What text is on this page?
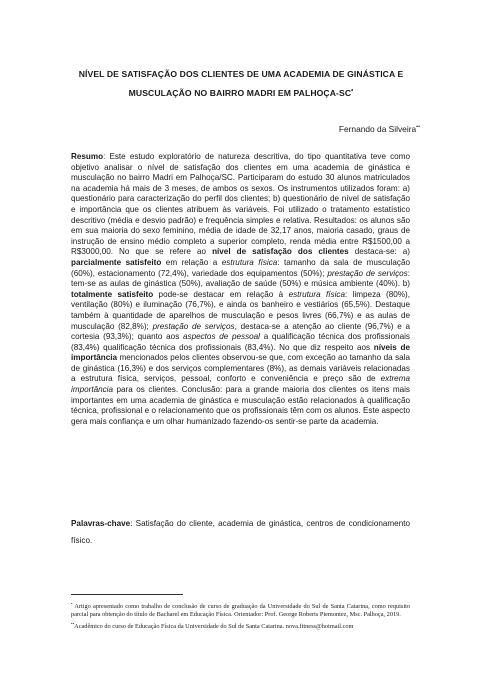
NÍVEL DE SATISFAÇÃO DOS CLIENTES DE UMA ACADEMIA DE GINÁSTICA E
MUSCULAÇÃO NO BAIRRO MADRI EM PALHOÇA-SC•
Fernando da Silveira••

Resumo: Este estudo exploratório de natureza descritiva, do tipo quantitativa teve como objetivo analisar o nível de satisfação dos clientes em uma academia de ginástica e musculação no bairro Madri em Palhoça/SC. Participaram do estudo 30 alunos matriculados na academia há mais de 3 meses, de ambos os sexos. Os instrumentos utilizados foram: a) questionário para caracterização do perfil dos clientes; b) questionário de nível de satisfação e importância que os clientes atribuem às variáveis. Foi utilizado o tratamento estatístico descritivo (média e desvio padrão) e frequência simples e relativa. Resultados: os alunos são em sua maioria do sexo feminino, média de idade de 32,17 anos, maioria casado, graus de instrução de ensino médio completo a superior completo, renda média entre R$1500,00 a R$3000,00. No que se refere ao nível de satisfação dos clientes destaca-se: a) parcialmente satisfeito em relação a estrutura física: tamanho da sala de musculação (60%), estacionamento (72,4%), variedade dos equipamentos (50%); prestação de serviços: tem-se as aulas de ginástica (50%), avaliação de saúde (50%) e música ambiente (40%). b) totalmente satisfeito pode-se destacar em relação à estrutura física: limpeza (80%), ventilação (80%) e iluminação (76,7%), e ainda os banheiro e vestiários (65,5%). Destaque também à quantidade de aparelhos de musculação e pesos livres (66,7%) e as aulas de musculação (82,8%); prestação de serviços, destaca-se a atenção ao cliente (96,7%) e a cortesia (93,3%); quanto aos aspectos de pessoal a qualificação técnica dos profissionais (83,4%) qualificação técnica dos profissionais (83,4%). No que diz respeito aos níveis de importância mencionados pelos clientes observou-se que, com exceção ao tamanho da sala de ginástica (16,3%) e dos serviços complementares (8%), as demais variáveis relacionadas a estrutura física, serviços, pessoal, conforto e conveniência e preço são de extrema importância para os clientes. Conclusão: para a grande maioria dos clientes os itens mais importantes em uma academia de ginástica e musculação estão relacionados à qualificação técnica, profissional e o relacionamento que os profissionais têm com os alunos. Este aspecto gera mais confiança e um olhar humanizado fazendo-os sentir-se parte da academia.

Palavras-chave: Satisfação do cliente, academia de ginástica, centros de condicionamento físico.

• Artigo apresentado como trabalho de conclusão de curso de graduação da Universidade do Sul de Santa Catarina, como requisito parcial para obtenção do título de Bacharel em Educação Física. Orientador: Prof. George Roberts Piemontez, Msc. Palhoça, 2019.

••Acadêmico do curso de Educação Física da Universidade do Sul de Santa Catarina. nova.fitness@hotmail.com
